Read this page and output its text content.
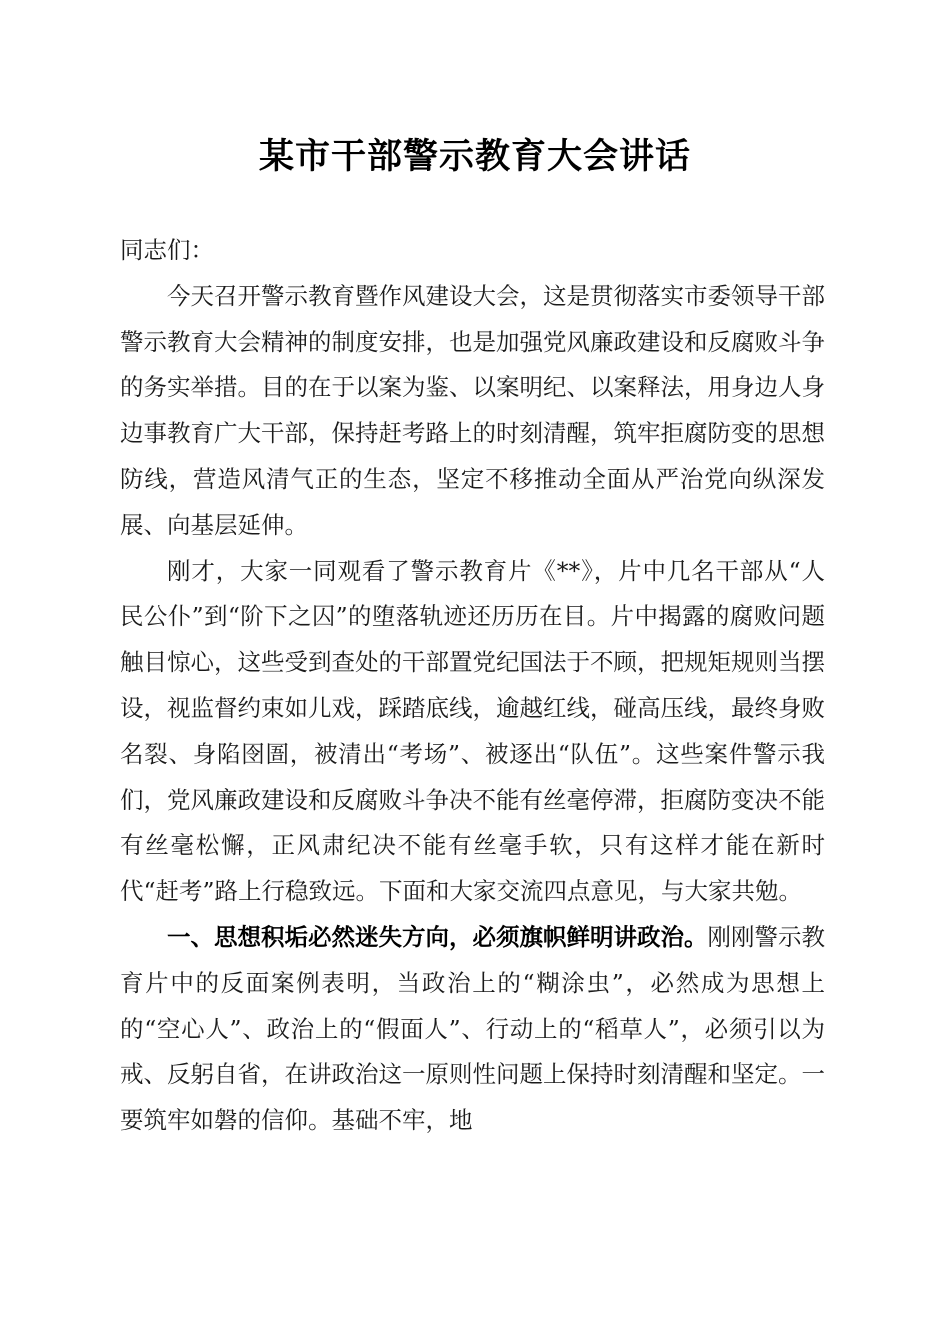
某市干部警示教育大会讲话

同志们：

今天召开警示教育暨作风建设大会，这是贯彻落实市委领导干部警示教育大会精神的制度安排，也是加强党风廉政建设和反腐败斗争的务实举措。目的在于以案为鉴、以案明纪、以案释法，用身边人身边事教育广大干部，保持赶考路上的时刻清醒，筑牢拒腐防变的思想防线，营造风清气正的生态，坚定不移推动全面从严治党向纵深发展、向基层延伸。

刚才，大家一同观看了警示教育片《**》，片中几名干部从“人民公仆”到“阶下之囚”的堕落轨迹还历历在目。片中揭露的腐败问题触目惊心，这些受到查处的干部置党纪国法于不顾，把规矩规则当摆设，视监督约束如儿戏，踩踏底线，逾越红线，碰高压线，最终身败名裂、身陷囹圄，被清出“考场”、被逐出“队伍”。这些案件警示我们，党风廉政建设和反腐败斗争决不能有丝毫停滞，拒腐防变决不能有丝毫松懈，正风肃纪决不能有丝毫手软，只有这样才能在新时代“赶考”路上行稳致远。下面和大家交流四点意见，与大家共勉。

一、思想积垢必然迷失方向，必须旗帜鲜明讲政治。刚刚警示教育片中的反面案例表明，当政治上的“糊涂虫”，必然成为思想上的“空心人”、政治上的“假面人”、行动上的“稻草人”，必须引以为戒、反躬自省，在讲政治这一原则性问题上保持时刻清醒和坚定。一要筑牢如磐的信仰。基础不牢，地
